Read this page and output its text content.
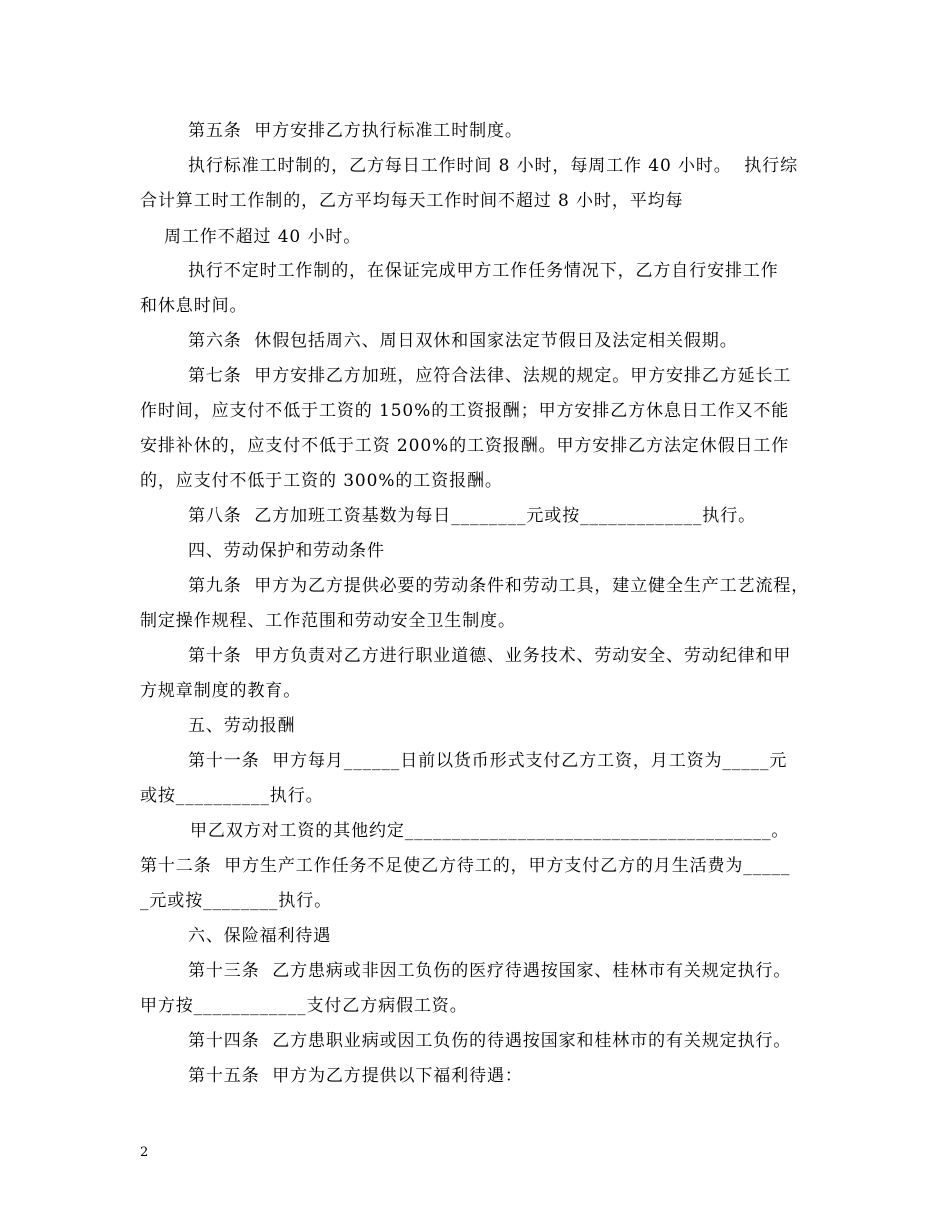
第五条  甲方安排乙方执行标准工时制度。
执行标准工时制的，乙方每日工作时间 8 小时，每周工作 40 小时。  执行综
合计算工时工作制的，乙方平均每天工作时间不超过 8 小时，平均每
周工作不超过 40 小时。
执行不定时工作制的，在保证完成甲方工作任务情况下，乙方自行安排工作
和休息时间。
第六条  休假包括周六、周日双休和国家法定节假日及法定相关假期。
第七条  甲方安排乙方加班，应符合法律、法规的规定。甲方安排乙方延长工
作时间，应支付不低于工资的 150%的工资报酬；甲方安排乙方休息日工作又不能
安排补休的，应支付不低于工资 200%的工资报酬。甲方安排乙方法定休假日工作
的，应支付不低于工资的 300%的工资报酬。
第八条  乙方加班工资基数为每日________元或按_____________执行。
四、劳动保护和劳动条件
第九条  甲方为乙方提供必要的劳动条件和劳动工具，建立健全生产工艺流程，
制定操作规程、工作范围和劳动安全卫生制度。
第十条  甲方负责对乙方进行职业道德、业务技术、劳动安全、劳动纪律和甲
方规章制度的教育。
五、劳动报酬
第十一条  甲方每月______日前以货币形式支付乙方工资，月工资为_____元
或按__________执行。
甲乙双方对工资的其他约定_______________________________________。
第十二条  甲方生产工作任务不足使乙方待工的，甲方支付乙方的月生活费为_____
_元或按________执行。
六、保险福利待遇
第十三条  乙方患病或非因工负伤的医疗待遇按国家、桂林市有关规定执行。
甲方按____________支付乙方病假工资。
第十四条  乙方患职业病或因工负伤的待遇按国家和桂林市的有关规定执行。
第十五条  甲方为乙方提供以下福利待遇：
2
